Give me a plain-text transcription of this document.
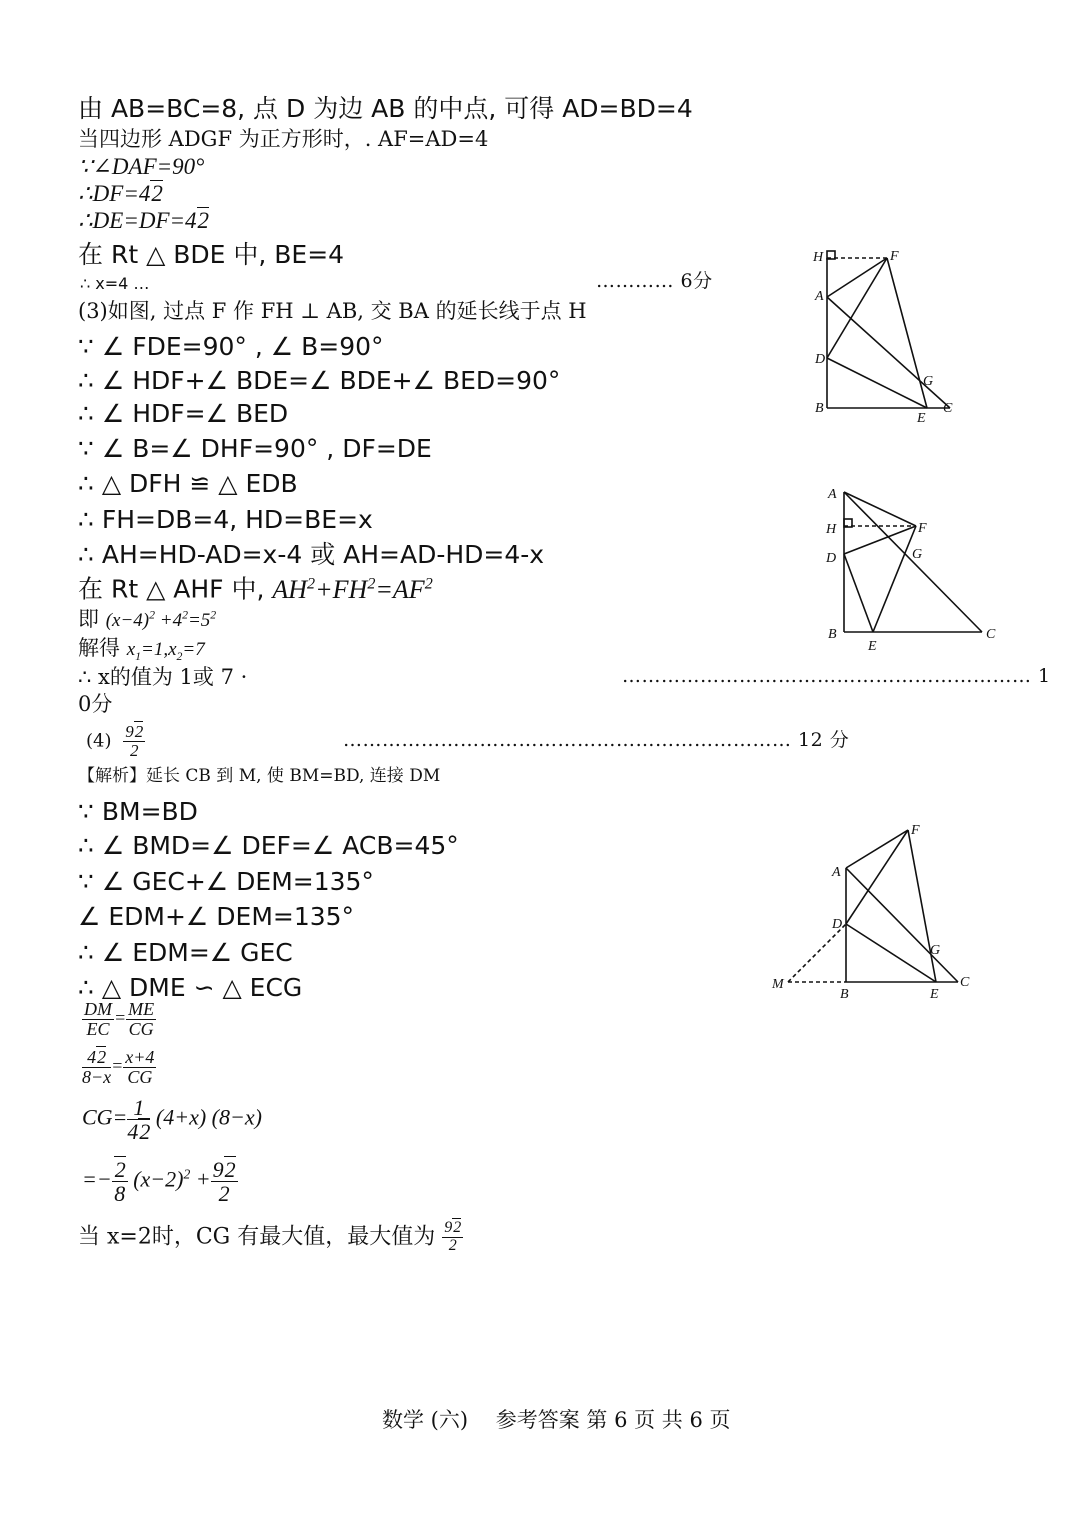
由 AB=BC=8, 点 D 为边 AB 的中点, 可得 AD=BD=4
当四边形 ADGF 为正方形时，. AF=AD=4
∵∠DAF=90°
∴DF=42
∴DE=DF=42
在 Rt △ BDE 中, BE=4
∴ x=4 …	………… 6分
(3)如图, 过点 F 作 FH ⊥ AB, 交 BA 的延长线于点 H
∵ ∠ FDE=90° , ∠ B=90°
∴ ∠ HDF+∠ BDE=∠ BDE+∠ BED=90°
∴ ∠ HDF=∠ BED
∵ ∠ B=∠ DHF=90° , DF=DE
∴ △ DFH ≌ △ EDB
∴ FH=DB=4, HD=BE=x
∴ AH=HD-AD=x-4 或 AH=AD-HD=4-x
在 Rt △ AHF 中, $AH^2+FH^2=AF^2$
即 $(x-4)^2 +4^2=5^2$
解得 $x_1=1,x_2=7$
∴ x的值为 1或 7 ·	……………………………………………………… 1
0分
$(4) \frac{92}{2}$	…………………………………………………………… 12 分
【解析】延长 CB 到 M, 使 BM=BD, 连接 DM
∵ BM=BD
∴ ∠ BMD=∠ DEF=∠ ACB=45°
∵ ∠ GEC+∠ DEM=135°
∠ EDM+∠ DEM=135°
∴ ∠ EDM=∠ GEC
∴ △ DME ∽ △ ECG
$\frac{DM}{EC} = \frac{ME}{CG}$
$\frac{42}{8-x} = \frac{x+4}{CG}$
$CG= \frac{1}{42} (4+x)$ (8−x)
=− $\frac{2}{8} (x-2)^2 + \frac{92}{2}$
当 x=2时，CG 有最大值，最大值为 $\frac{92}{2}$
H	F
A
D
G
B
E
C
A
H	F
D	G
B
E
C
F
A
D
G
M
B	E
C
数学 (六)　 参考答案 第 6 页 共 6 页
